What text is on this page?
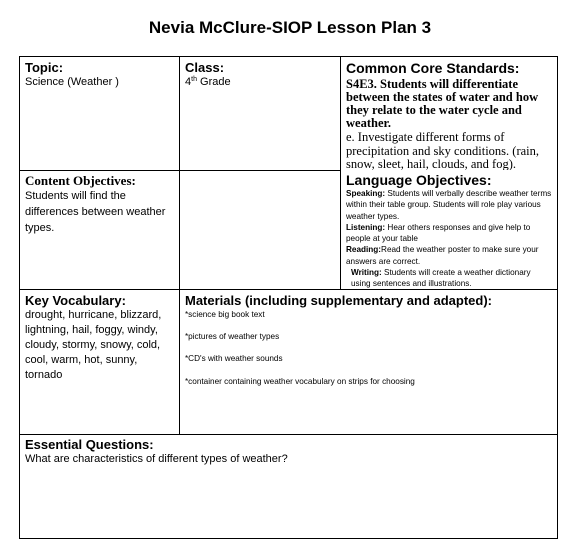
Nevia McClure-SIOP Lesson Plan 3
Topic:
Science (Weather )
Class:
4th Grade
Common Core Standards:
S4E3. Students will differentiate between the states of water and how they relate to the water cycle and weather.
e. Investigate different forms of precipitation and sky conditions. (rain, snow, sleet, hail, clouds, and fog).
Content Objectives:
Students will find the differences between weather types.
Language Objectives:
Speaking: Students will verbally describe weather terms within their table group. Students will role play various weather types.
Listening: Hear others responses and give help to people at your table
Reading:Read the weather poster to make sure your answers are correct.
Writing: Students will create a weather dictionary using sentences and illustrations.
Key Vocabulary:
drought, hurricane, blizzard,
lightning, hail, foggy, windy,
cloudy, stormy, snowy, cold,
cool, warm, hot, sunny, tornado
Materials (including supplementary and adapted):
*science big book text
*pictures of weather types
*CD's with weather sounds
*container containing weather vocabulary on strips for choosing
Essential Questions:
What are characteristics of different types of weather?
